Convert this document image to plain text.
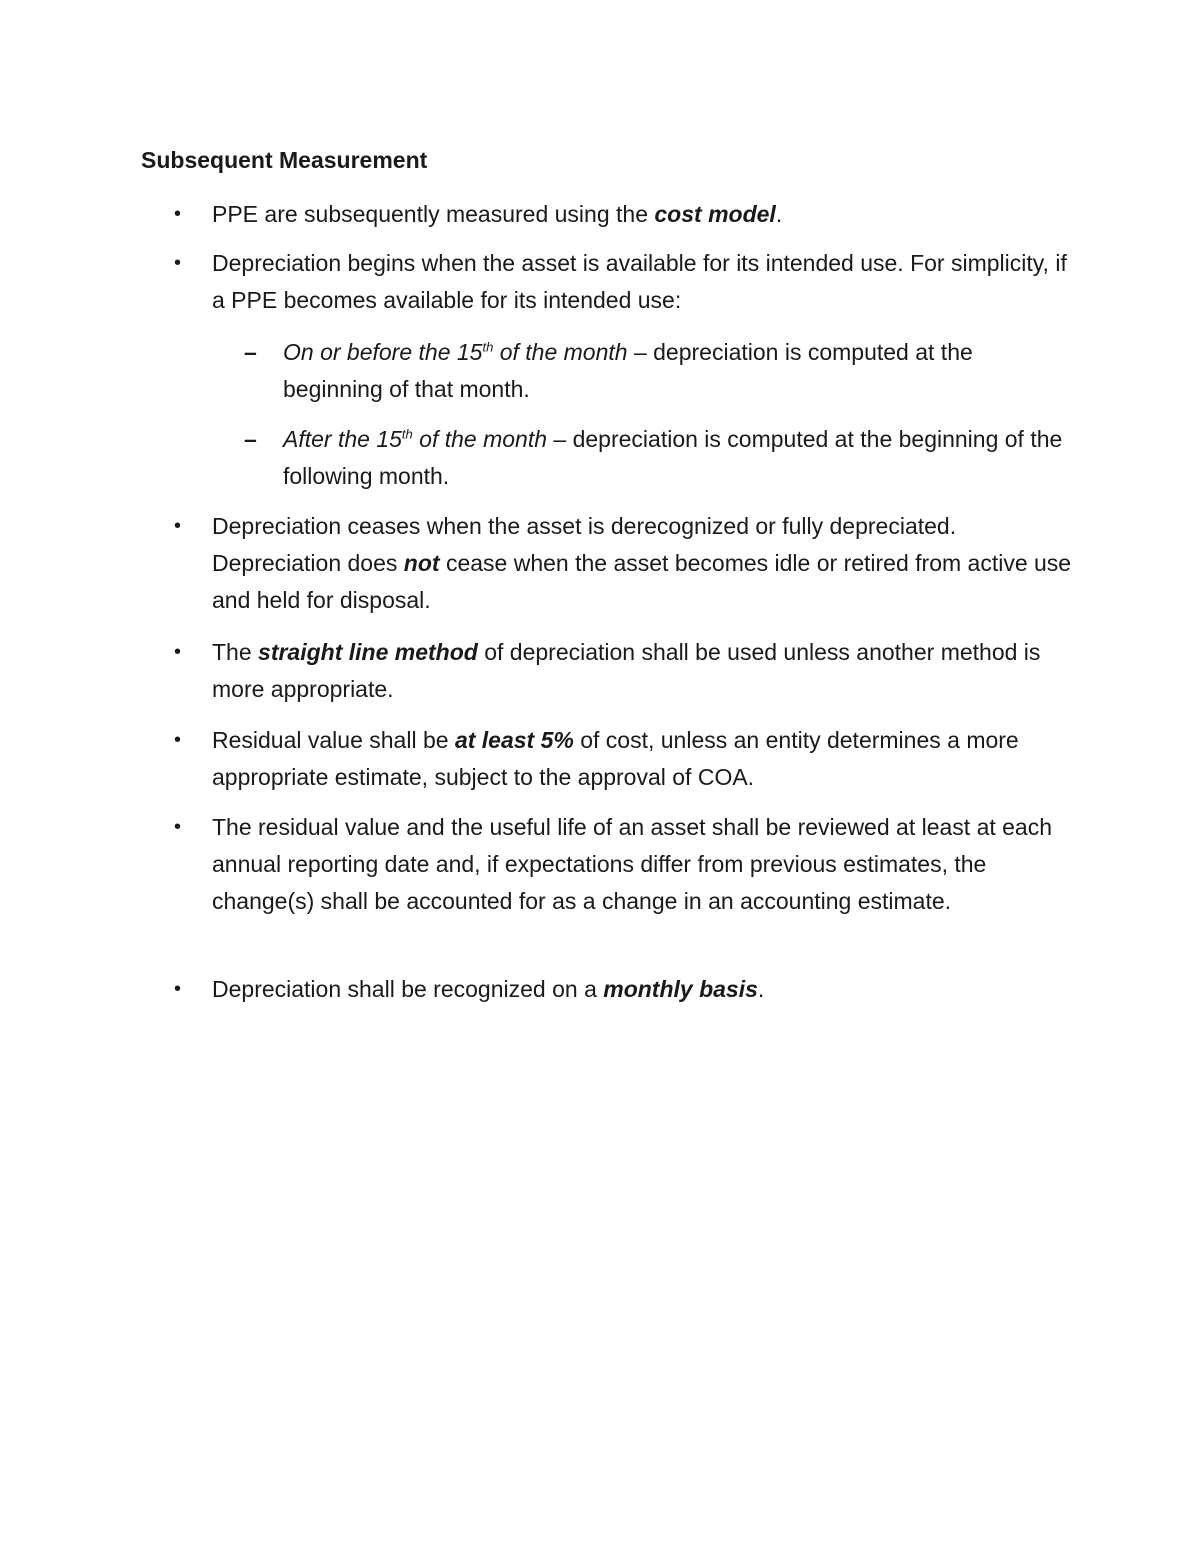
Subsequent Measurement
• PPE are subsequently measured using the cost model.
• Depreciation begins when the asset is available for its intended use. For simplicity, if a PPE becomes available for its intended use:
– On or before the 15th of the month – depreciation is computed at the beginning of that month.
– After the 15th of the month – depreciation is computed at the beginning of the following month.
• Depreciation ceases when the asset is derecognized or fully depreciated. Depreciation does not cease when the asset becomes idle or retired from active use and held for disposal.
• The straight line method of depreciation shall be used unless another method is more appropriate.
• Residual value shall be at least 5% of cost, unless an entity determines a more appropriate estimate, subject to the approval of COA.
• The residual value and the useful life of an asset shall be reviewed at least at each annual reporting date and, if expectations differ from previous estimates, the change(s) shall be accounted for as a change in an accounting estimate.
• Depreciation shall be recognized on a monthly basis.
